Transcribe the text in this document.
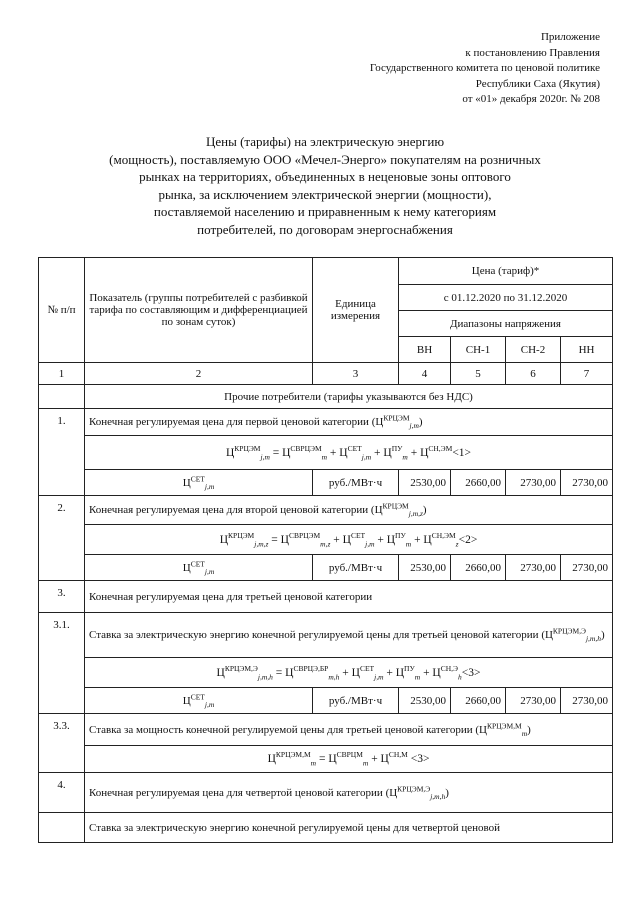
Приложение
к постановлению Правления
Государственного комитета по ценовой политике
Республики Саха (Якутия)
от «01» декабря 2020г. № 208
Цены (тарифы) на электрическую энергию
(мощность), поставляемую ООО «Мечел-Энерго» покупателям на розничных
рынках на территориях, объединенных в неценовые зоны оптового
рынка, за исключением электрической энергии (мощности),
поставляемой населению и приравненным к нему категориям
потребителей, по договорам энергоснабжения
№ п/п	Показатель (группы потребителей с разбивкой тарифа по составляющим и дифференциацией по зонам суток)	Единица измерения	Цена (тариф)*			
			с 01.12.2020 по 31.12.2020			
			Диапазоны напряжения			
			ВН	СН-1	СН-2	НН
1	2	3	4	5	6	7
	Прочие потребители (тарифы указываются без НДС)					
1.	Конечная регулируемая цена для первой ценовой категории $(Ц^{КРЦЭМ}_{j,m})$					
	$Ц^{КРЦЭМ}_{j,m} = Ц^{СВРЦЭМ}_m + Ц^{СЕТ}_{j,m} + Ц^{ПУ}_m + Ц^{СН,ЭМ}<1>$					
	$Ц^{СЕТ}_{j,m}$	руб./МВт·ч	2530,00	2660,00	2730,00	2730,00
2.	Конечная регулируемая цена для второй ценовой категории $(Ц^{КРЦЭМ}_{j,m,z})$					
	$Ц^{КРЦЭМ}_{j,m,z} = Ц^{СВРЦЭМ}_{m,z} + Ц^{СЕТ}_{j,m} + Ц^{ПУ}_m + Ц^{СН,ЭМ}_z<2>$					
	$Ц^{СЕТ}_{j,m}$	руб./МВт·ч	2530,00	2660,00	2730,00	2730,00
3.	Конечная регулируемая цена для третьей ценовой категории					
3.1.	Ставка за электрическую энергию конечной регулируемой цены для третьей ценовой категории $(Ц^{КРЦЭМ,Э}_{j,m,h})$					
	$Ц^{КРЦЭМ,Э}_{j,m,h} = Ц^{СВРЦЭ,БР}_{m,h} + Ц^{СЕТ}_{j,m} + Ц^{ПУ}_m + Ц^{СН,Э}_h<3>$					
	$Ц^{СЕТ}_{j,m}$	руб./МВт·ч	2530,00	2660,00	2730,00	2730,00
3.3.	Ставка за мощность конечной регулируемой цены для третьей ценовой категории $(Ц^{КРЦЭМ,М}_m)$					
	$Ц^{КРЦЭМ,М}_m = Ц^{СВРЦМ}_m + Ц^{СН,М} <3>$					
4.	Конечная регулируемая цена для четвертой ценовой категории $(Ц^{КРЦЭМ,Э}_{j,m,h})$					
	Ставка за электрическую энергию конечной регулируемой цены для четвертой ценовой					
